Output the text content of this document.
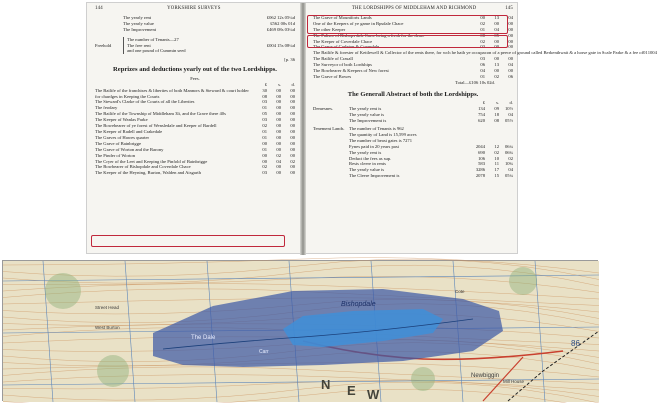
144	YORKSHIRE SURVEYS
The yearly rent	£062 12s 05¼d
The yearly value	£562 00s 01d
The Improvement	£469 08s 03¼d
Freehold
The number of Tenants—27
The free rent	£004 15s 08¼d
and one pound of Cummin seed
[p. 36
Reprizes and deductions yearly out of the two Lordshipps.
Fees.
£	s.	d.
The Bailife of the franchises & liberties of both Mannors & Steward & court holder	30	00	00
for chardges in Keeping the Courts	08	00	00
The Steward's Clarke of the Courts of all the Liberties	03	00	00
The feodary	01	00	00
The Bailife of the Township of Middleham 3li, and the Grave there 40s	05	00	00
The Keeper of Wanlas Parke	03	00	00
The Bowebearer of ye forest of Wensledale and Keeper of Bardell	02	00	00
The Keeper of Radell and Crakedale	01	00	00
The Graves of Hawes quarter	01	00	00
The Grave of Bainbrigge	00	00	00
The Grave of Worton and the Barony	01	00	00
The Pinder of Worton	00	02	00
The Cryer of the Leet and Keeping the Pinfold of Bainbrigge	00	04	02
The Bowbearer of Bishopdale and Coverdale Chace	02	00	00
The Keeper of the Heyning, Burton, Walden and Aisgarth	03	00	00
THE LORDSHIPPS OF MIDDLEHAM AND RICHMOND	145
The Grave of Mountforts Lands	00	13	04
One of the Keepers of ye game in Bpsdale Chace	02	00	00
The other Keeper	01	04	00
The Palisor of Bishops dale Carre being a fresh for the deare	00	05	00
The Keeper of Coverdale Chace	02	00	00
The Grave of Carleton & Coverdale	03	00	00
The Bailife & forester of Kettlewell & Collector of the rents there, for wch he hath ye occupacon of a peece of ground called Berkenthwait & a horse gate in Scale Parke & a fee of 01 10 04
The Bailife of Crasall	03	00	00
The Surveyor of both Lordships	06	13	04
The Bowbearer & Keepers of New forest	04	00	00
The Grave of Bowes	01	02	06
Total—£106 10s 02d.
The Generall Abstract of both the Lordshipps.
£	s.	d.
Demesnes.	The yearly rent is	134	09	10½
The yearly value is	754	18	04
The Improvement is	620	08	05½
Tenement Lands. The number of Tenants is 962
The quantity of Land is 15,599 acres
The number of beast gates is 7271
Fynes paid in 20 years past	2044	12	06¼
The yearly rent is	690	02	06¾
Deduct the fees as sup.	106	10	02
Rests cleere in rents	583	11	10¾
The yearly value is	3286	17	04
The Cleere Improvement is	2078	15	05¼
Bishopdale
The Dale
Carr
Newbiggin
Street Head
West Burton
Cote
N E W
Mill House
86
